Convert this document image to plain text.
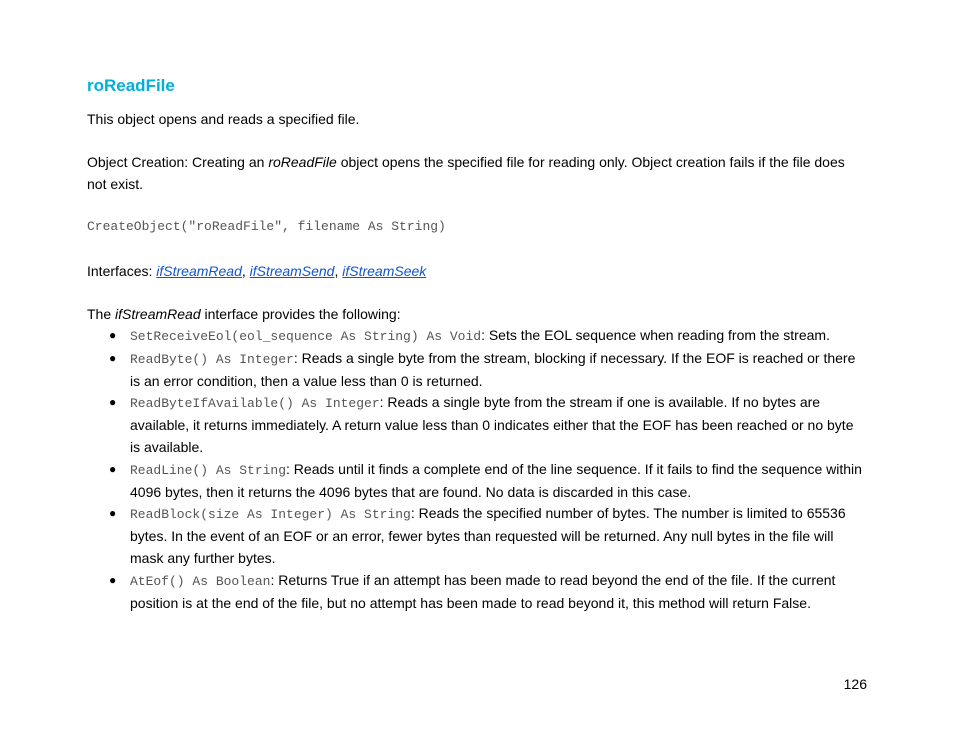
roReadFile

This object opens and reads a specified file.

Object Creation: Creating an roReadFile object opens the specified file for reading only. Object creation fails if the file does not exist.

CreateObject("roReadFile", filename As String)

Interfaces: ifStreamRead, ifStreamSend, ifStreamSeek

The ifStreamRead interface provides the following:

● SetReceiveEol(eol_sequence As String) As Void: Sets the EOL sequence when reading from the stream.
● ReadByte() As Integer: Reads a single byte from the stream, blocking if necessary. If the EOF is reached or there is an error condition, then a value less than 0 is returned.
● ReadByteIfAvailable() As Integer: Reads a single byte from the stream if one is available. If no bytes are available, it returns immediately. A return value less than 0 indicates either that the EOF has been reached or no byte is available.
● ReadLine() As String: Reads until it finds a complete end of the line sequence. If it fails to find the sequence within 4096 bytes, then it returns the 4096 bytes that are found. No data is discarded in this case.
● ReadBlock(size As Integer) As String: Reads the specified number of bytes. The number is limited to 65536 bytes. In the event of an EOF or an error, fewer bytes than requested will be returned. Any null bytes in the file will mask any further bytes.
● AtEof() As Boolean: Returns True if an attempt has been made to read beyond the end of the file. If the current position is at the end of the file, but no attempt has been made to read beyond it, this method will return False.
126
